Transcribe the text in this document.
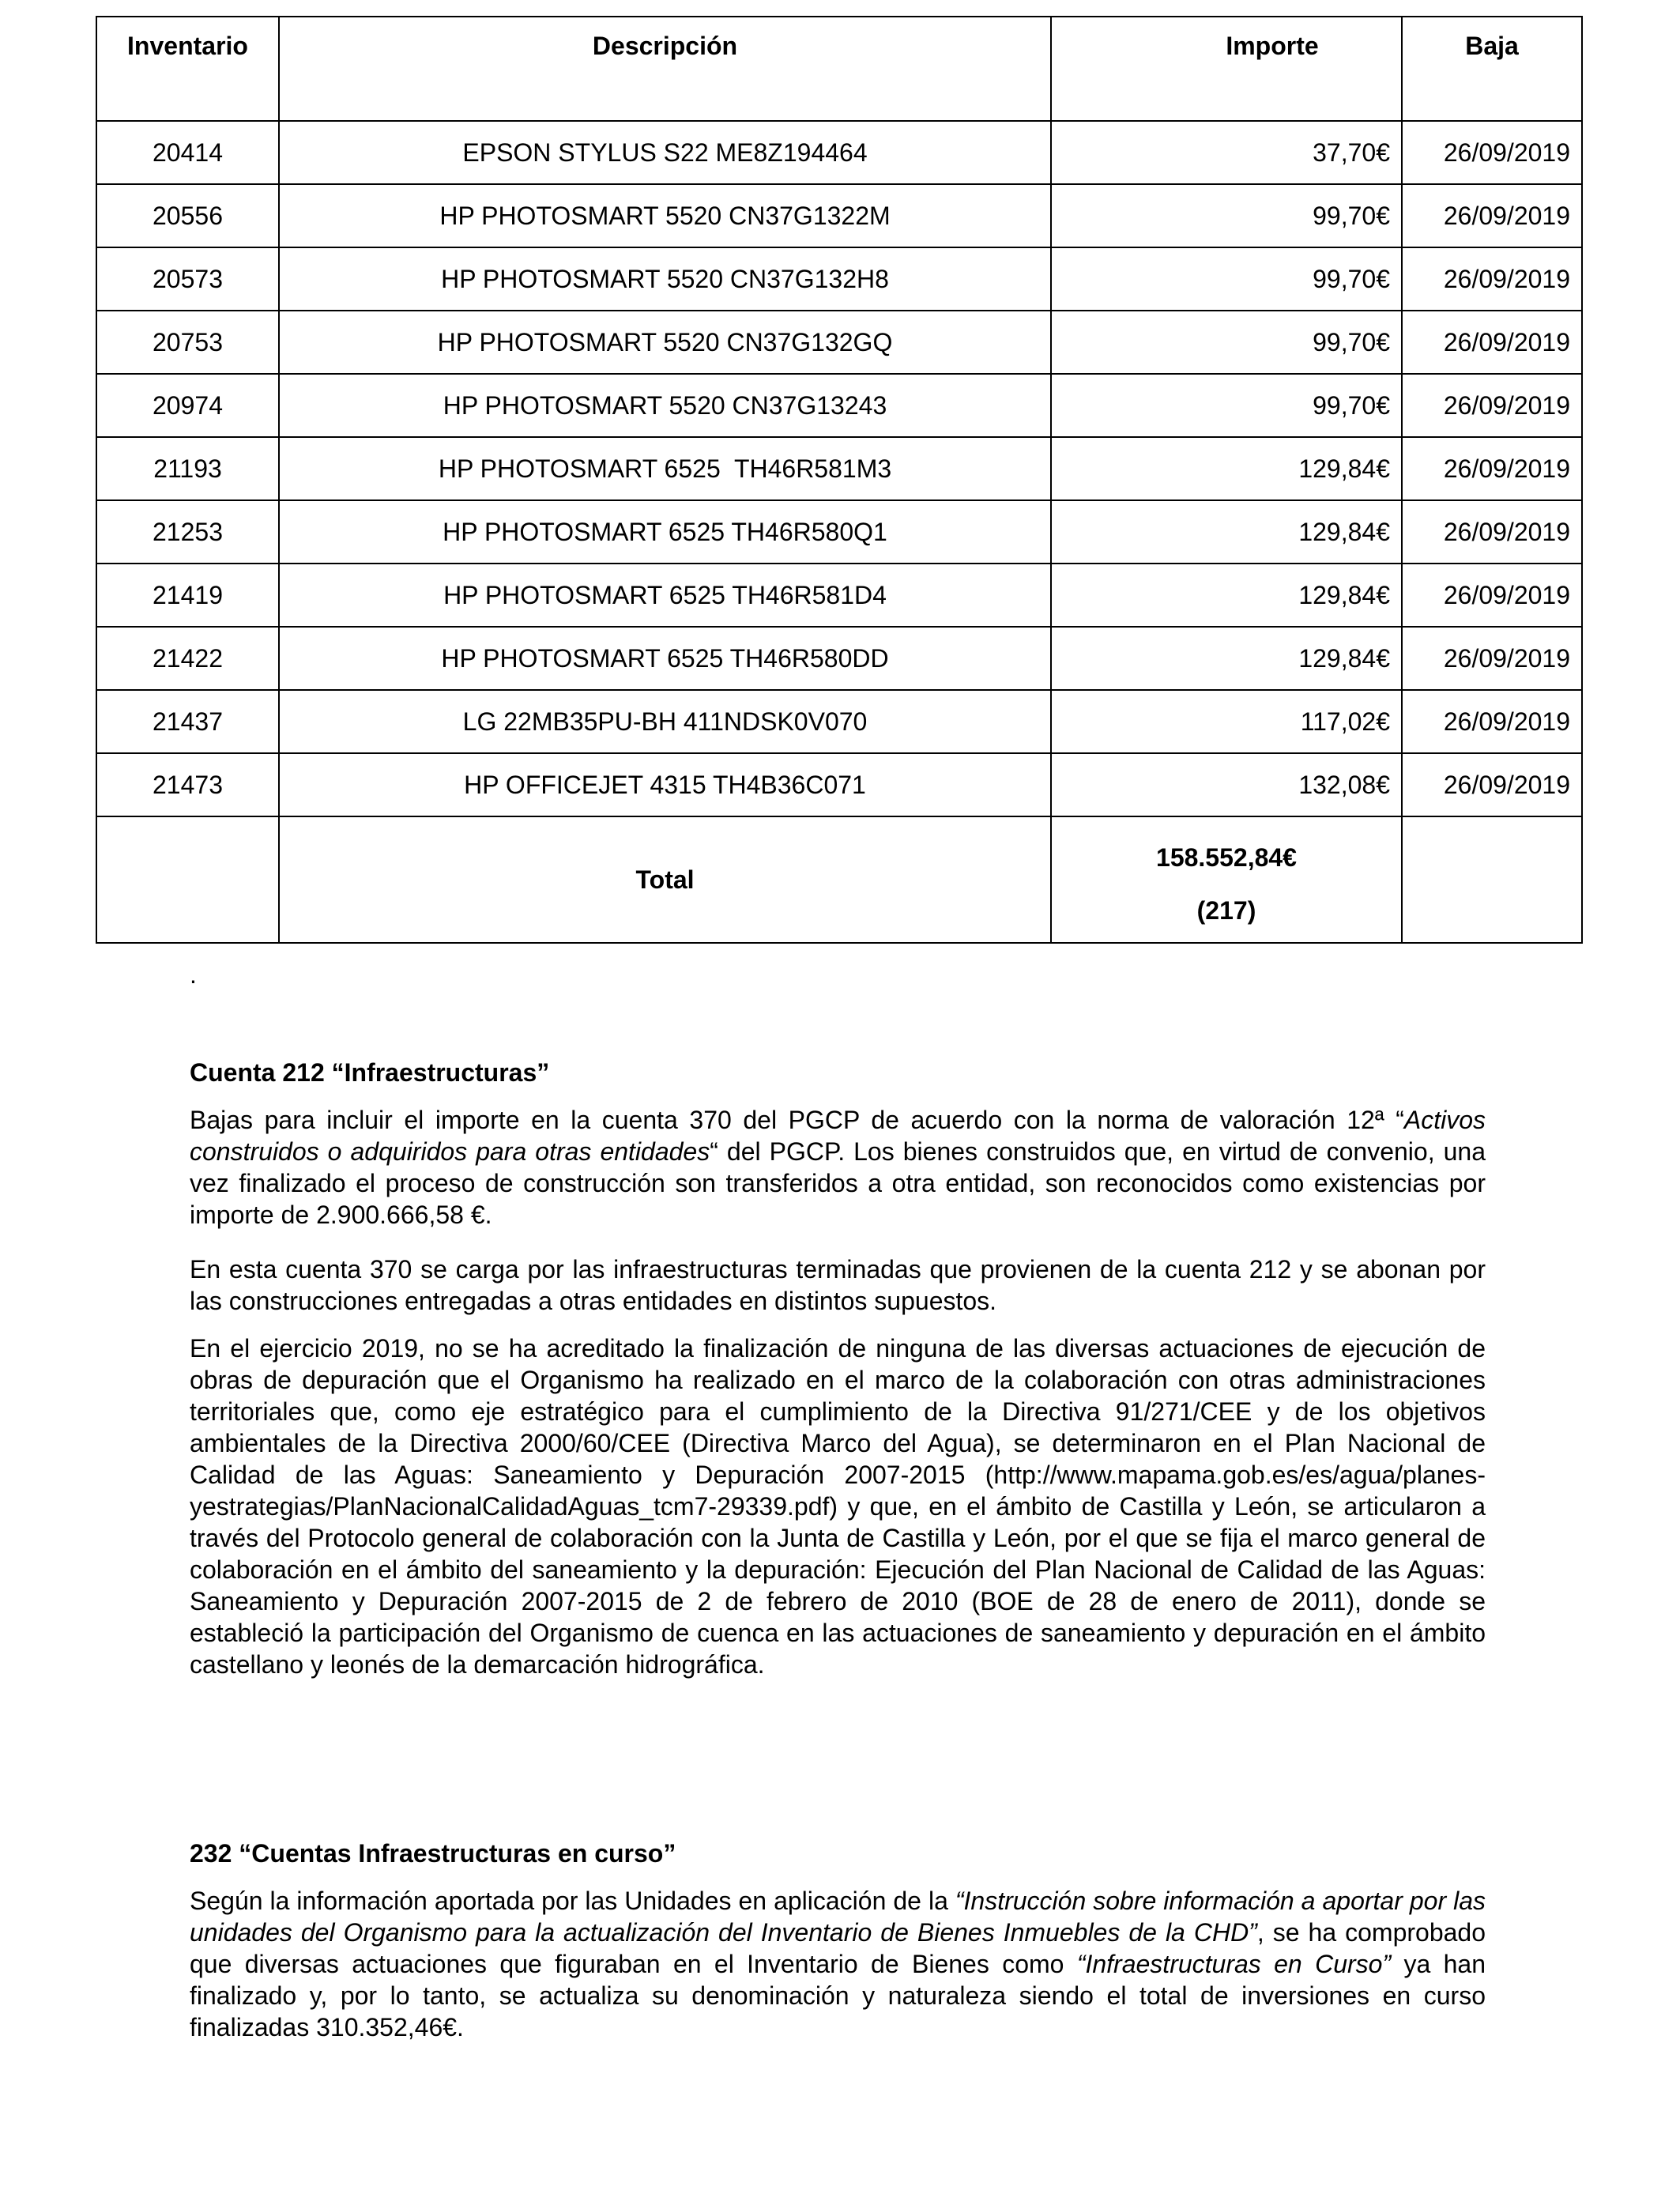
Inventario	Descripción	Importe	Baja
20414	EPSON STYLUS S22 ME8Z194464	37,70€	26/09/2019
20556	HP PHOTOSMART 5520 CN37G1322M	99,70€	26/09/2019
20573	HP PHOTOSMART 5520 CN37G132H8	99,70€	26/09/2019
20753	HP PHOTOSMART 5520 CN37G132GQ	99,70€	26/09/2019
20974	HP PHOTOSMART 5520 CN37G13243	99,70€	26/09/2019
21193	HP PHOTOSMART 6525  TH46R581M3	129,84€	26/09/2019
21253	HP PHOTOSMART 6525 TH46R580Q1	129,84€	26/09/2019
21419	HP PHOTOSMART 6525 TH46R581D4	129,84€	26/09/2019
21422	HP PHOTOSMART 6525 TH46R580DD	129,84€	26/09/2019
21437	LG 22MB35PU-BH 411NDSK0V070	117,02€	26/09/2019
21473	HP OFFICEJET 4315 TH4B36C071	132,08€	26/09/2019
	Total	158.552,84€
(217)	

.
Cuenta 212 “Infraestructuras”
Bajas para incluir el importe en la cuenta 370 del PGCP de acuerdo con la norma de valoración 12ª “Activos construidos o adquiridos para otras entidades“ del PGCP. Los bienes construidos que, en virtud de convenio, una vez finalizado el proceso de construcción son transferidos a otra entidad, son reconocidos como existencias por importe de 2.900.666,58 €.
En esta cuenta 370 se carga por las infraestructuras terminadas que provienen de la cuenta 212 y se abonan por las construcciones entregadas a otras entidades en distintos supuestos.
En el ejercicio 2019, no se ha acreditado la finalización de ninguna de las diversas actuaciones de ejecución de obras de depuración que el Organismo ha realizado en el marco de la colaboración con otras administraciones territoriales que, como eje estratégico para el cumplimiento de la Directiva 91/271/CEE y de los objetivos ambientales de la Directiva 2000/60/CEE (Directiva Marco del Agua), se determinaron en el Plan Nacional de Calidad de las Aguas: Saneamiento y Depuración 2007-2015 (http://www.mapama.gob.es/es/agua/planes-yestrategias/PlanNacionalCalidadAguas_tcm7-29339.pdf) y que, en el ámbito de Castilla y León, se articularon a través del Protocolo general de colaboración con la Junta de Castilla y León, por el que se fija el marco general de colaboración en el ámbito del saneamiento y la depuración: Ejecución del Plan Nacional de Calidad de las Aguas: Saneamiento y Depuración 2007-2015 de 2 de febrero de 2010 (BOE de 28 de enero de 2011), donde se estableció la participación del Organismo de cuenca en las actuaciones de saneamiento y depuración en el ámbito castellano y leonés de la demarcación hidrográfica.
232 “Cuentas Infraestructuras en curso”
Según la información aportada por las Unidades en aplicación de la “Instrucción sobre información a aportar por las unidades del Organismo para la actualización del Inventario de Bienes Inmuebles de la CHD”, se ha comprobado que diversas actuaciones que figuraban en el Inventario de Bienes como “Infraestructuras en Curso” ya han finalizado y, por lo tanto, se actualiza su denominación y naturaleza siendo el total de inversiones en curso finalizadas 310.352,46€.
